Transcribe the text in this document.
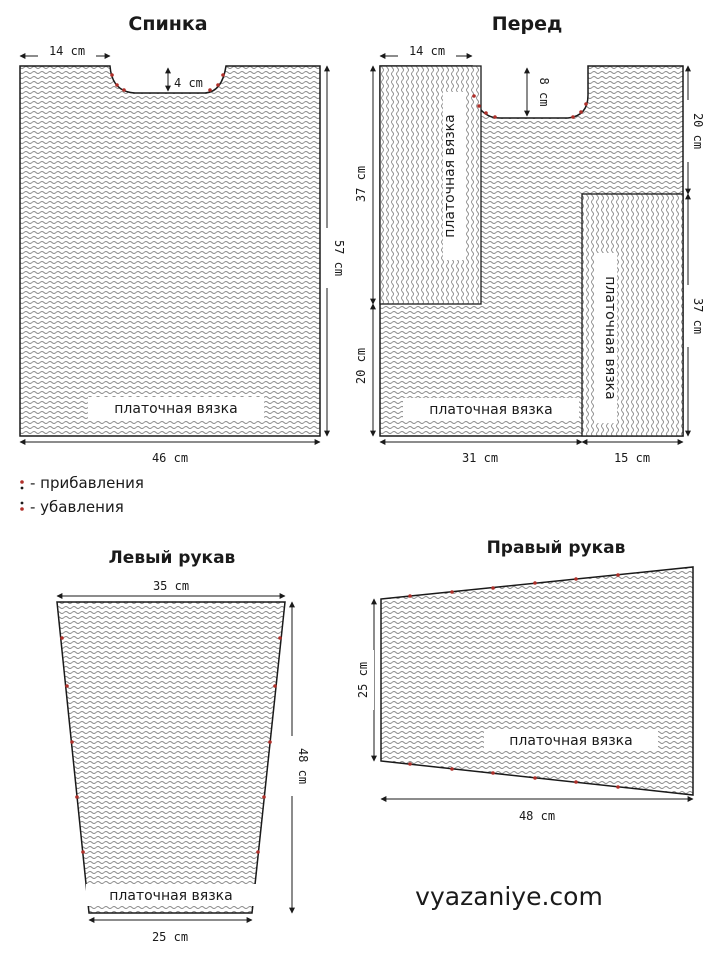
Спинка
14 cm
4 cm
57 cm
46 cm
платочная вязка
Перед
платочная вязка
платочная вязка
14 cm
8 cm
37 cm
20 cm
20 cm
37 cm
31 cm	15 cm
платочная вязка
- прибавления
- убавления
Левый рукав
35 cm
48 cm
25 cm
платочная вязка
Правый рукав
25 cm
48 cm
платочная вязка
vyazaniye.com
